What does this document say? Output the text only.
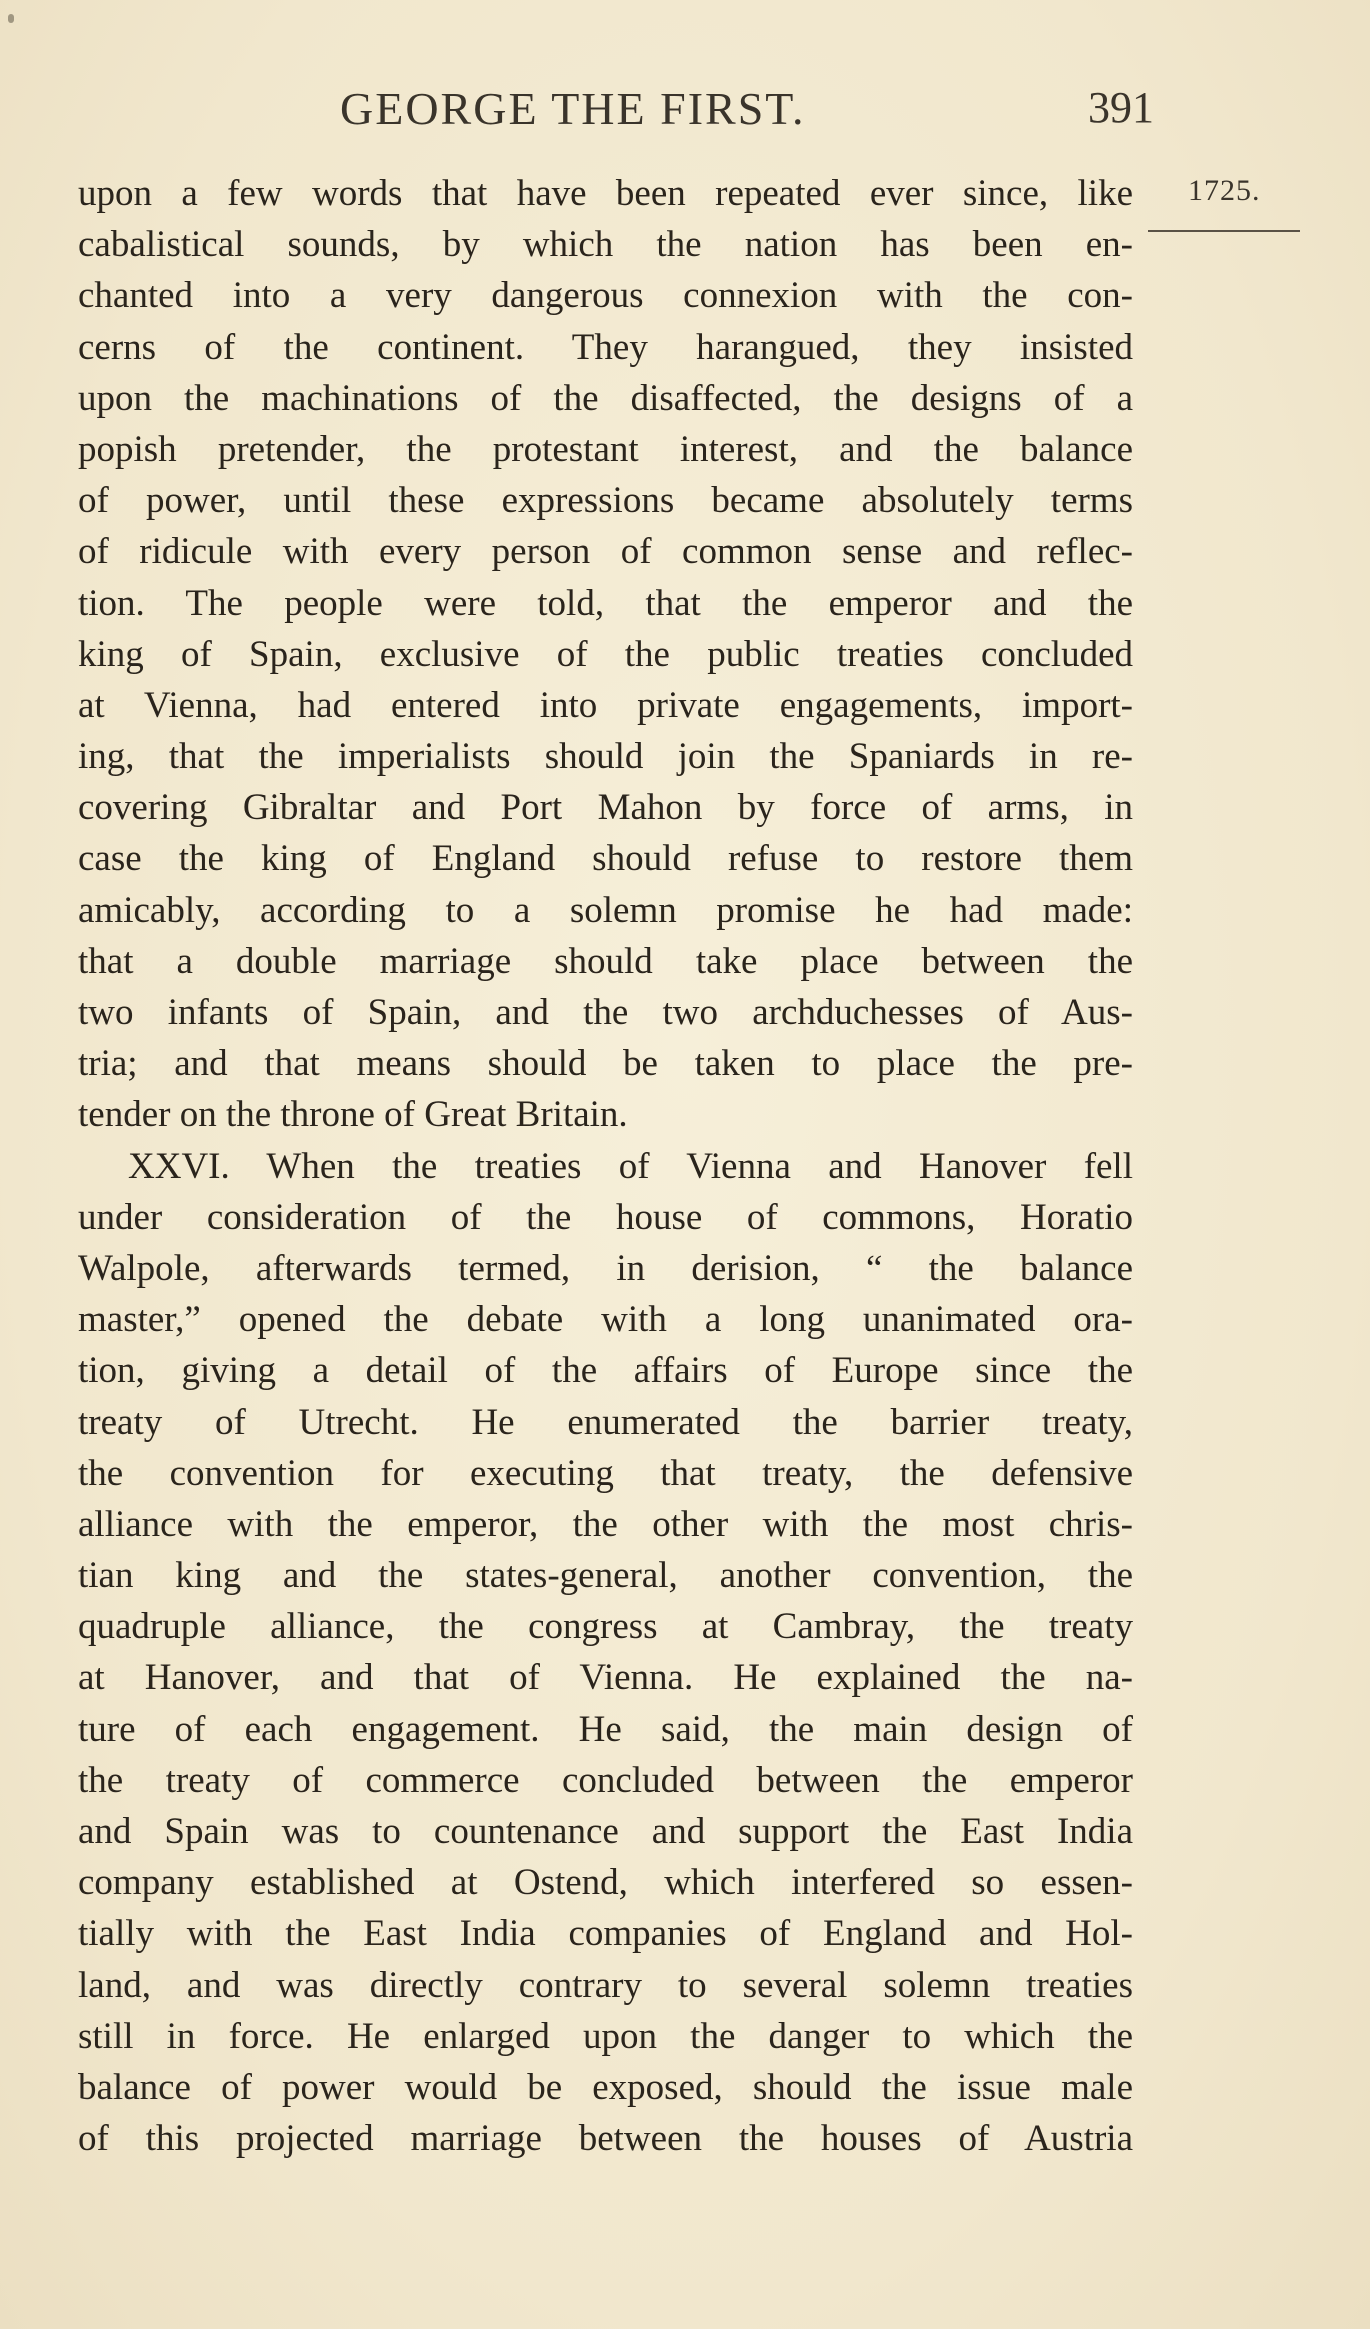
GEORGE THE FIRST.	391
1725.
upon a few words that have been repeated ever since, like
cabalistical sounds, by which the nation has been en-
chanted into a very dangerous connexion with the con-
cerns of the continent. They harangued, they insisted
upon the machinations of the disaffected, the designs of a
popish pretender, the protestant interest, and the balance
of power, until these expressions became absolutely terms
of ridicule with every person of common sense and reflec-
tion. The people were told, that the emperor and the
king of Spain, exclusive of the public treaties concluded
at Vienna, had entered into private engagements, import-
ing, that the imperialists should join the Spaniards in re-
covering Gibraltar and Port Mahon by force of arms, in
case the king of England should refuse to restore them
amicably, according to a solemn promise he had made:
that a double marriage should take place between the
two infants of Spain, and the two archduchesses of Aus-
tria; and that means should be taken to place the pre-
tender on the throne of Great Britain.
XXVI. When the treaties of Vienna and Hanover fell
under consideration of the house of commons, Horatio
Walpole, afterwards termed, in derision, “ the balance
master,” opened the debate with a long unanimated ora-
tion, giving a detail of the affairs of Europe since the
treaty of Utrecht. He enumerated the barrier treaty,
the convention for executing that treaty, the defensive
alliance with the emperor, the other with the most chris-
tian king and the states-general, another convention, the
quadruple alliance, the congress at Cambray, the treaty
at Hanover, and that of Vienna. He explained the na-
ture of each engagement. He said, the main design of
the treaty of commerce concluded between the emperor
and Spain was to countenance and support the East India
company established at Ostend, which interfered so essen-
tially with the East India companies of England and Hol-
land, and was directly contrary to several solemn treaties
still in force. He enlarged upon the danger to which the
balance of power would be exposed, should the issue male
of this projected marriage between the houses of Austria
